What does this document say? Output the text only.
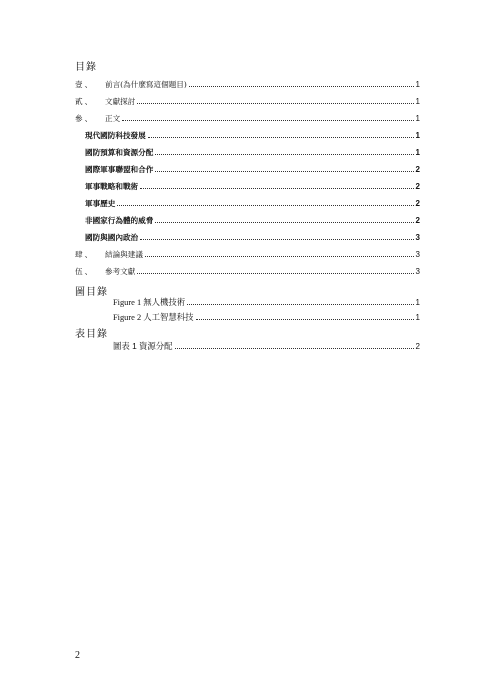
目錄
壹、	前言(為什麼寫這個題目)	1
貳、	文獻探討	1
參、	正文	1
現代國防科技發展	1
國防預算和資源分配	1
國際軍事聯盟和合作	2
軍事戰略和戰術	2
軍事歷史	2
非國家行為體的威脅	2
國防與國內政治	3
肆、	結論與建議	3
伍、	參考文獻	3
圖目錄
Figure 1 無人機技術	1
Figure 2 人工智慧科技	1
表目錄
圖表 1 資源分配	2
2
